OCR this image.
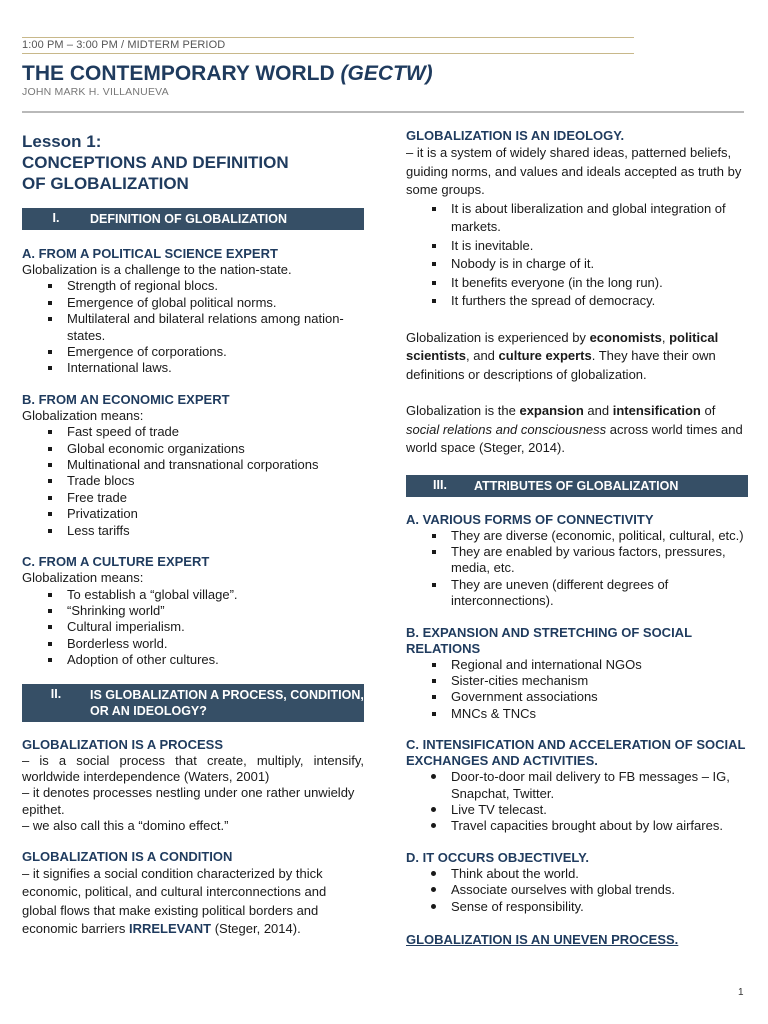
1:00 PM – 3:00 PM / MIDTERM PERIOD
THE CONTEMPORARY WORLD (GECTW)
JOHN MARK H. VILLANUEVA
Lesson 1:
CONCEPTIONS AND DEFINITION
OF GLOBALIZATION
I.	DEFINITION OF GLOBALIZATION
A. FROM A POLITICAL SCIENCE EXPERT
Globalization is a challenge to the nation-state.
Strength of regional blocs.
Emergence of global political norms.
Multilateral and bilateral relations among nation-states.
Emergence of corporations.
International laws.
B. FROM AN ECONOMIC EXPERT
Globalization means:
Fast speed of trade
Global economic organizations
Multinational and transnational corporations
Trade blocs
Free trade
Privatization
Less tariffs
C. FROM A CULTURE EXPERT
Globalization means:
To establish a “global village”.
“Shrinking world”
Cultural imperialism.
Borderless world.
Adoption of other cultures.
II.	IS GLOBALIZATION A PROCESS, CONDITION, OR AN IDEOLOGY?
GLOBALIZATION IS A PROCESS
– is a social process that create, multiply, intensify, worldwide interdependence (Waters, 2001)
– it denotes processes nestling under one rather unwieldy epithet.
– we also call this a “domino effect.”
GLOBALIZATION IS A CONDITION
– it signifies a social condition characterized by thick economic, political, and cultural interconnections and global flows that make existing political borders and economic barriers IRRELEVANT (Steger, 2014).
GLOBALIZATION IS AN IDEOLOGY.
– it is a system of widely shared ideas, patterned beliefs, guiding norms, and values and ideals accepted as truth by some groups.
It is about liberalization and global integration of markets.
It is inevitable.
Nobody is in charge of it.
It benefits everyone (in the long run).
It furthers the spread of democracy.
Globalization is experienced by economists, political scientists, and culture experts. They have their own definitions or descriptions of globalization.
Globalization is the expansion and intensification of social relations and consciousness across world times and world space (Steger, 2014).
III.	ATTRIBUTES OF GLOBALIZATION
A. VARIOUS FORMS OF CONNECTIVITY
They are diverse (economic, political, cultural, etc.)
They are enabled by various factors, pressures, media, etc.
They are uneven (different degrees of interconnections).
B. EXPANSION AND STRETCHING OF SOCIAL RELATIONS
Regional and international NGOs
Sister-cities mechanism
Government associations
MNCs & TNCs
C. INTENSIFICATION AND ACCELERATION OF SOCIAL EXCHANGES AND ACTIVITIES.
Door-to-door mail delivery to FB messages – IG, Snapchat, Twitter.
Live TV telecast.
Travel capacities brought about by low airfares.
D. IT OCCURS OBJECTIVELY.
Think about the world.
Associate ourselves with global trends.
Sense of responsibility.
GLOBALIZATION IS AN UNEVEN PROCESS.
1
